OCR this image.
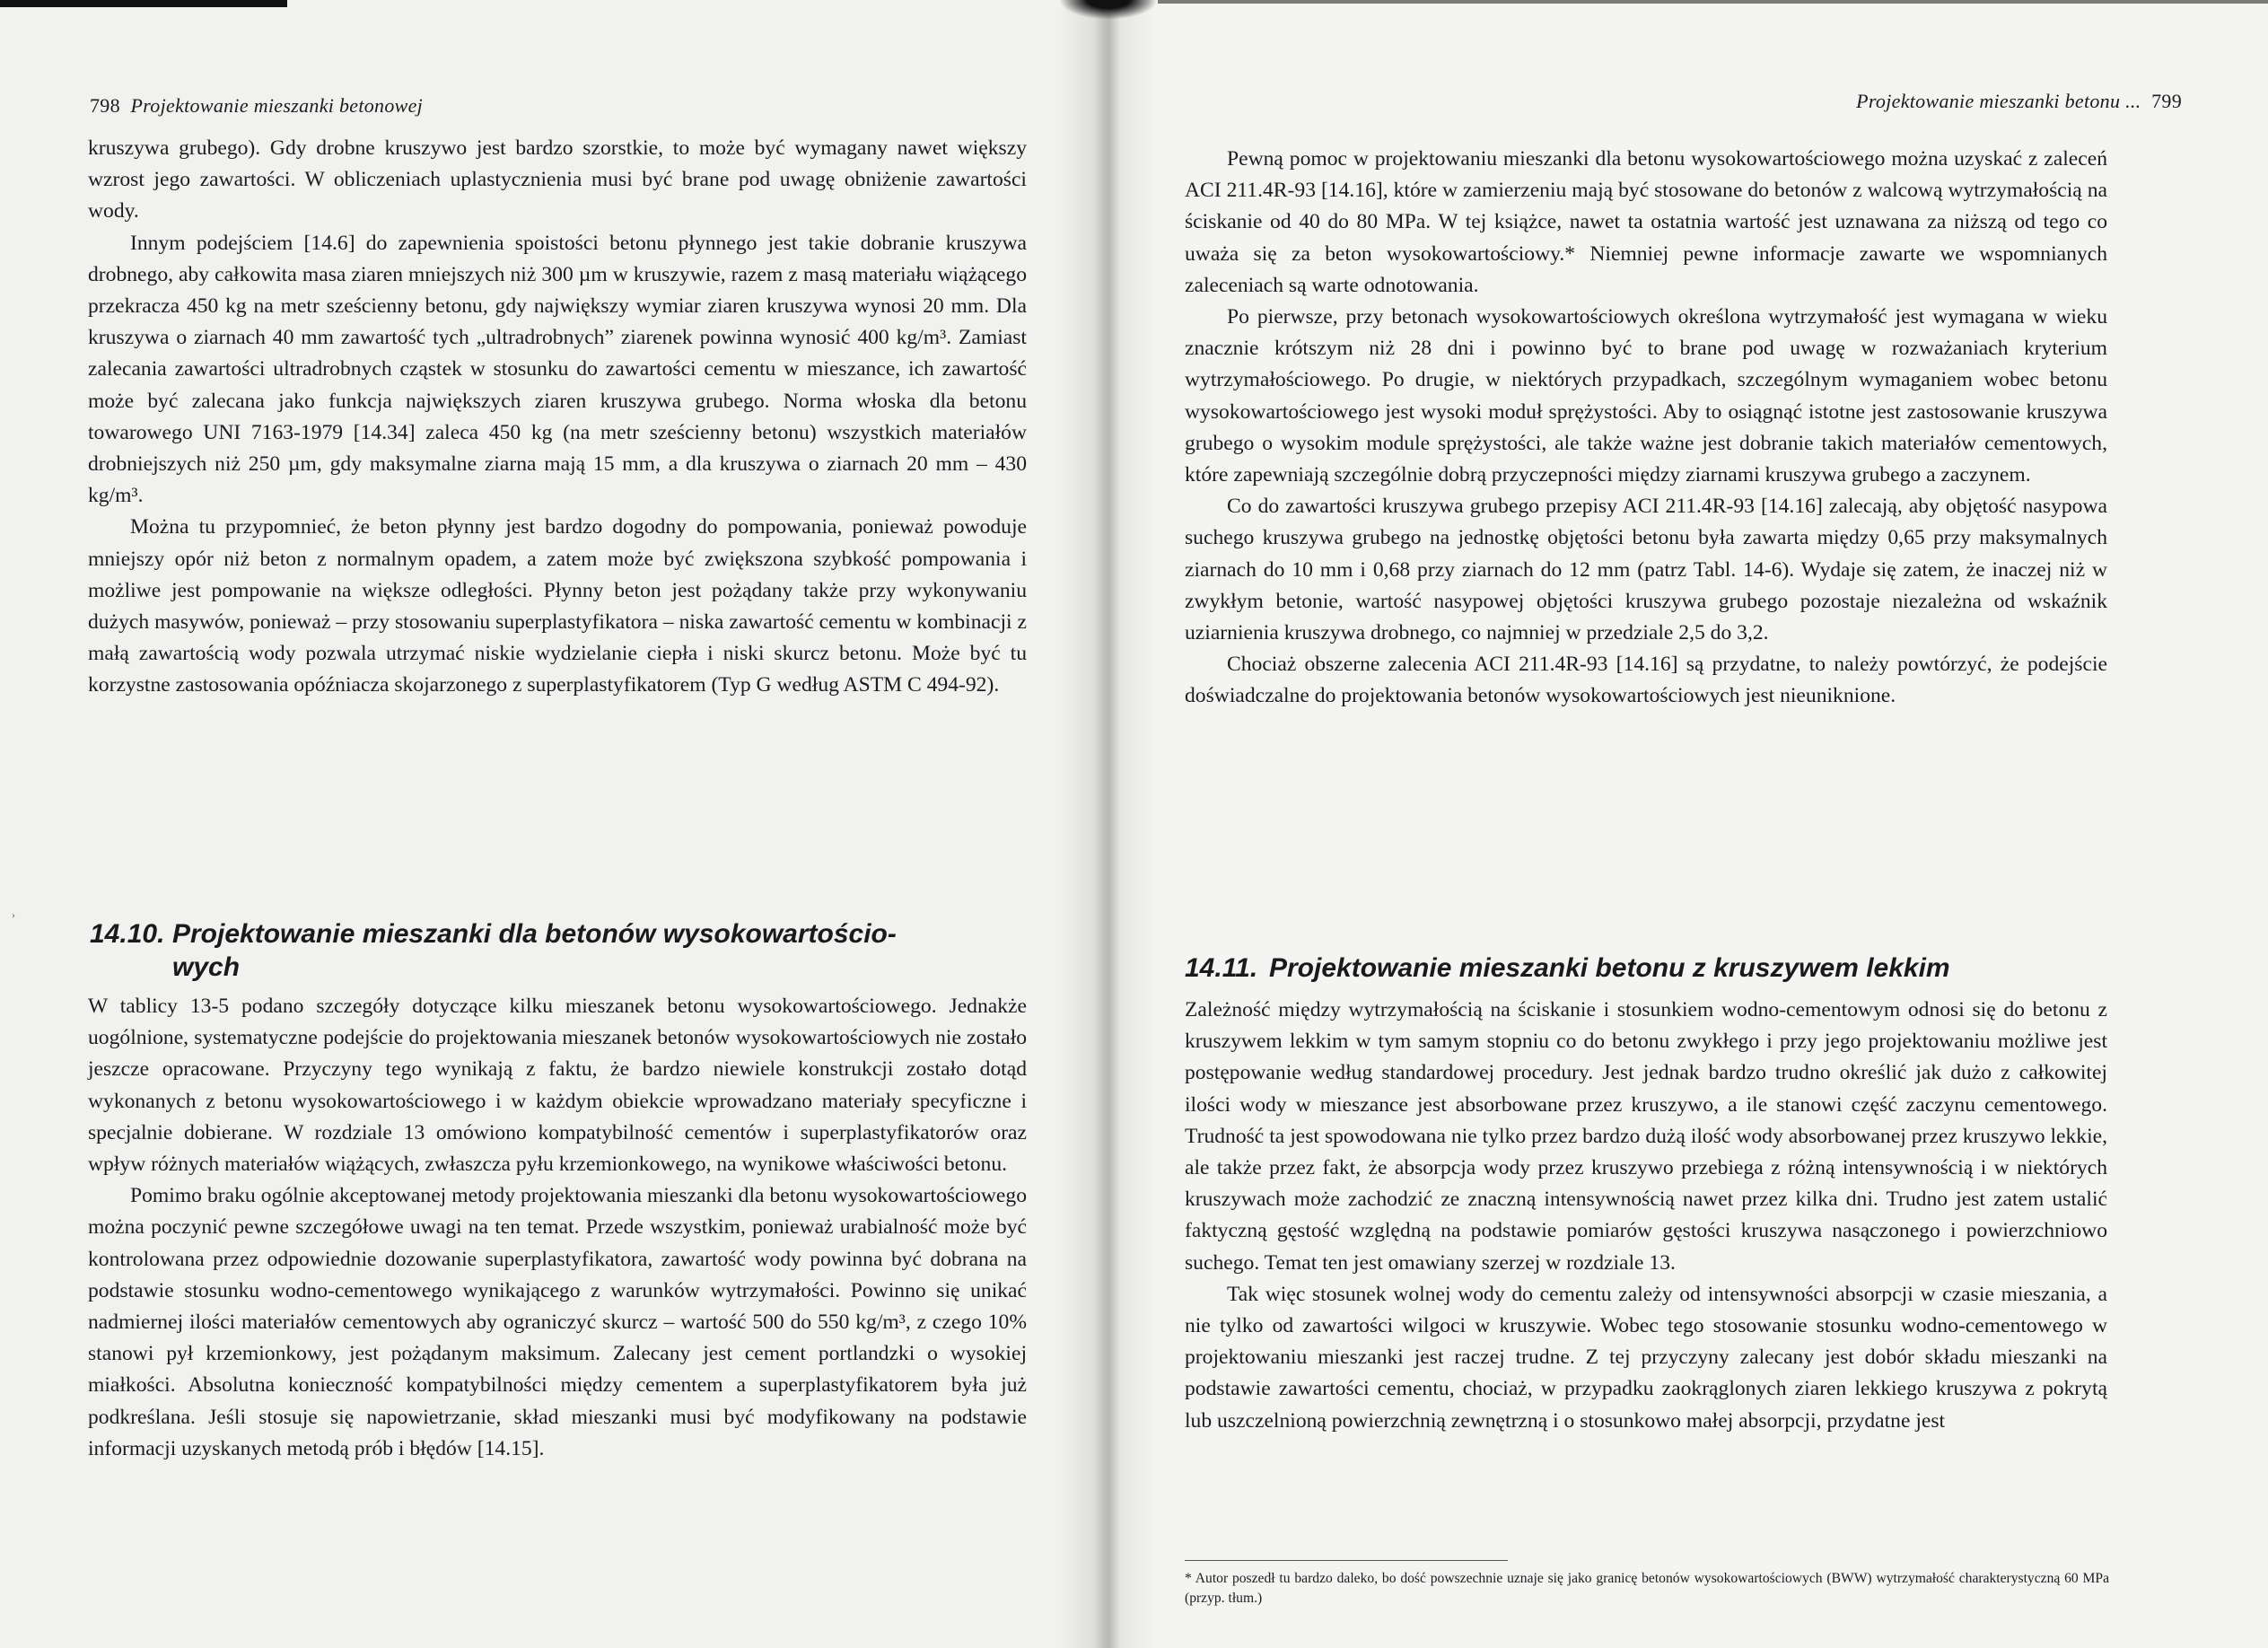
798 Projektowanie mieszanki betonowej

kruszywa grubego). Gdy drobne kruszywo jest bardzo szorstkie, to może być wymagany nawet większy wzrost jego zawartości. W obliczeniach uplastycznienia musi być brane pod uwagę obniżenie zawartości wody.

Innym podejściem [14.6] do zapewnienia spoistości betonu płynnego jest takie dobranie kruszywa drobnego, aby całkowita masa ziaren mniejszych niż 300 µm w kruszywie, razem z masą materiału wiążącego przekracza 450 kg na metr sześcienny betonu, gdy największy wymiar ziaren kruszywa wynosi 20 mm. Dla kruszywa o ziarnach 40 mm zawartość tych „ultradrobnych” ziarenek powinna wynosić 400 kg/m³. Zamiast zalecania zawartości ultradrobnych cząstek w stosunku do zawartości cementu w mieszance, ich zawartość może być zalecana jako funkcja największych ziaren kruszywa grubego. Norma włoska dla betonu towarowego UNI 7163-1979 [14.34] zaleca 450 kg (na metr sześcienny betonu) wszystkich materiałów drobniejszych niż 250 µm, gdy maksymalne ziarna mają 15 mm, a dla kruszywa o ziarnach 20 mm – 430 kg/m³.

Można tu przypomnieć, że beton płynny jest bardzo dogodny do pompowania, ponieważ powoduje mniejszy opór niż beton z normalnym opadem, a zatem może być zwiększona szybkość pompowania i możliwe jest pompowanie na większe odległości. Płynny beton jest pożądany także przy wykonywaniu dużych masywów, ponieważ – przy stosowaniu superplastyfikatora – niska zawartość cementu w kombinacji z małą zawartością wody pozwala utrzymać niskie wydzielanie ciepła i niski skurcz betonu. Może być tu korzystne zastosowania opóźniacza skojarzonego z superplastyfikatorem (Typ G według ASTM C 494-92).

14.10. Projektowanie mieszanki dla betonów wysokowartościo-
wych

W tablicy 13-5 podano szczegóły dotyczące kilku mieszanek betonu wysokowartościowego. Jednakże uogólnione, systematyczne podejście do projektowania mieszanek betonów wysokowartościowych nie zostało jeszcze opracowane. Przyczyny tego wynikają z faktu, że bardzo niewiele konstrukcji zostało dotąd wykonanych z betonu wysokowartościowego i w każdym obiekcie wprowadzano materiały specyficzne i specjalnie dobierane. W rozdziale 13 omówiono kompatybilność cementów i superplastyfikatorów oraz wpływ różnych materiałów wiążących, zwłaszcza pyłu krzemionkowego, na wynikowe właściwości betonu.

Pomimo braku ogólnie akceptowanej metody projektowania mieszanki dla betonu wysokowartościowego można poczynić pewne szczegółowe uwagi na ten temat. Przede wszystkim, ponieważ urabialność może być kontrolowana przez odpowiednie dozowanie superplastyfikatora, zawartość wody powinna być dobrana na podstawie stosunku wodno-cementowego wynikającego z warunków wytrzymałości. Powinno się unikać nadmiernej ilości materiałów cementowych aby ograniczyć skurcz – wartość 500 do 550 kg/m³, z czego 10% stanowi pył krzemionkowy, jest pożądanym maksimum. Zalecany jest cement portlandzki o wysokiej miałkości. Absolutna konieczność kompatybilności między cementem a superplastyfikatorem była już podkreślana. Jeśli stosuje się napowietrzanie, skład mieszanki musi być modyfikowany na podstawie informacji uzyskanych metodą prób i błędów [14.15].

›
Projektowanie mieszanki betonu ... 799

Pewną pomoc w projektowaniu mieszanki dla betonu wysokowartościowego można uzyskać z zaleceń ACI 211.4R-93 [14.16], które w zamierzeniu mają być stosowane do betonów z walcową wytrzymałością na ściskanie od 40 do 80 MPa. W tej książce, nawet ta ostatnia wartość jest uznawana za niższą od tego co uważa się za beton wysokowartościowy.* Niemniej pewne informacje zawarte we wspomnianych zaleceniach są warte odnotowania.

Po pierwsze, przy betonach wysokowartościowych określona wytrzymałość jest wymagana w wieku znacznie krótszym niż 28 dni i powinno być to brane pod uwagę w rozważaniach kryterium wytrzymałościowego. Po drugie, w niektórych przypadkach, szczególnym wymaganiem wobec betonu wysokowartościowego jest wysoki moduł sprężystości. Aby to osiągnąć istotne jest zastosowanie kruszywa grubego o wysokim module sprężystości, ale także ważne jest dobranie takich materiałów cementowych, które zapewniają szczególnie dobrą przyczepności między ziarnami kruszywa grubego a zaczynem.

Co do zawartości kruszywa grubego przepisy ACI 211.4R-93 [14.16] zalecają, aby objętość nasypowa suchego kruszywa grubego na jednostkę objętości betonu była zawarta między 0,65 przy maksymalnych ziarnach do 10 mm i 0,68 przy ziarnach do 12 mm (patrz Tabl. 14-6). Wydaje się zatem, że inaczej niż w zwykłym betonie, wartość nasypowej objętości kruszywa grubego pozostaje niezależna od wskaźnik uziarnienia kruszywa drobnego, co najmniej w przedziale 2,5 do 3,2.

Chociaż obszerne zalecenia ACI 211.4R-93 [14.16] są przydatne, to należy powtórzyć, że podejście doświadczalne do projektowania betonów wysokowartościowych jest nieuniknione.

14.11. Projektowanie mieszanki betonu z kruszywem lekkim

Zależność między wytrzymałością na ściskanie i stosunkiem wodno-cementowym odnosi się do betonu z kruszywem lekkim w tym samym stopniu co do betonu zwykłego i przy jego projektowaniu możliwe jest postępowanie według standardowej procedury. Jest jednak bardzo trudno określić jak dużo z całkowitej ilości wody w mieszance jest absorbowane przez kruszywo, a ile stanowi część zaczynu cementowego. Trudność ta jest spowodowana nie tylko przez bardzo dużą ilość wody absorbowanej przez kruszywo lekkie, ale także przez fakt, że absorpcja wody przez kruszywo przebiega z różną intensywnością i w niektórych kruszywach może zachodzić ze znaczną intensywnością nawet przez kilka dni. Trudno jest zatem ustalić faktyczną gęstość względną na podstawie pomiarów gęstości kruszywa nasączonego i powierzchniowo suchego. Temat ten jest omawiany szerzej w rozdziale 13.

Tak więc stosunek wolnej wody do cementu zależy od intensywności absorpcji w czasie mieszania, a nie tylko od zawartości wilgoci w kruszywie. Wobec tego stosowanie stosunku wodno-cementowego w projektowaniu mieszanki jest raczej trudne. Z tej przyczyny zalecany jest dobór składu mieszanki na podstawie zawartości cementu, chociaż, w przypadku zaokrąglonych ziaren lekkiego kruszywa z pokrytą lub uszczelnioną powierzchnią zewnętrzną i o stosunkowo małej absorpcji, przydatne jest

* Autor poszedł tu bardzo daleko, bo dość powszechnie uznaje się jako granicę betonów wysokowartościowych (BWW) wytrzymałość charakterystyczną 60 MPa (przyp. tłum.)
